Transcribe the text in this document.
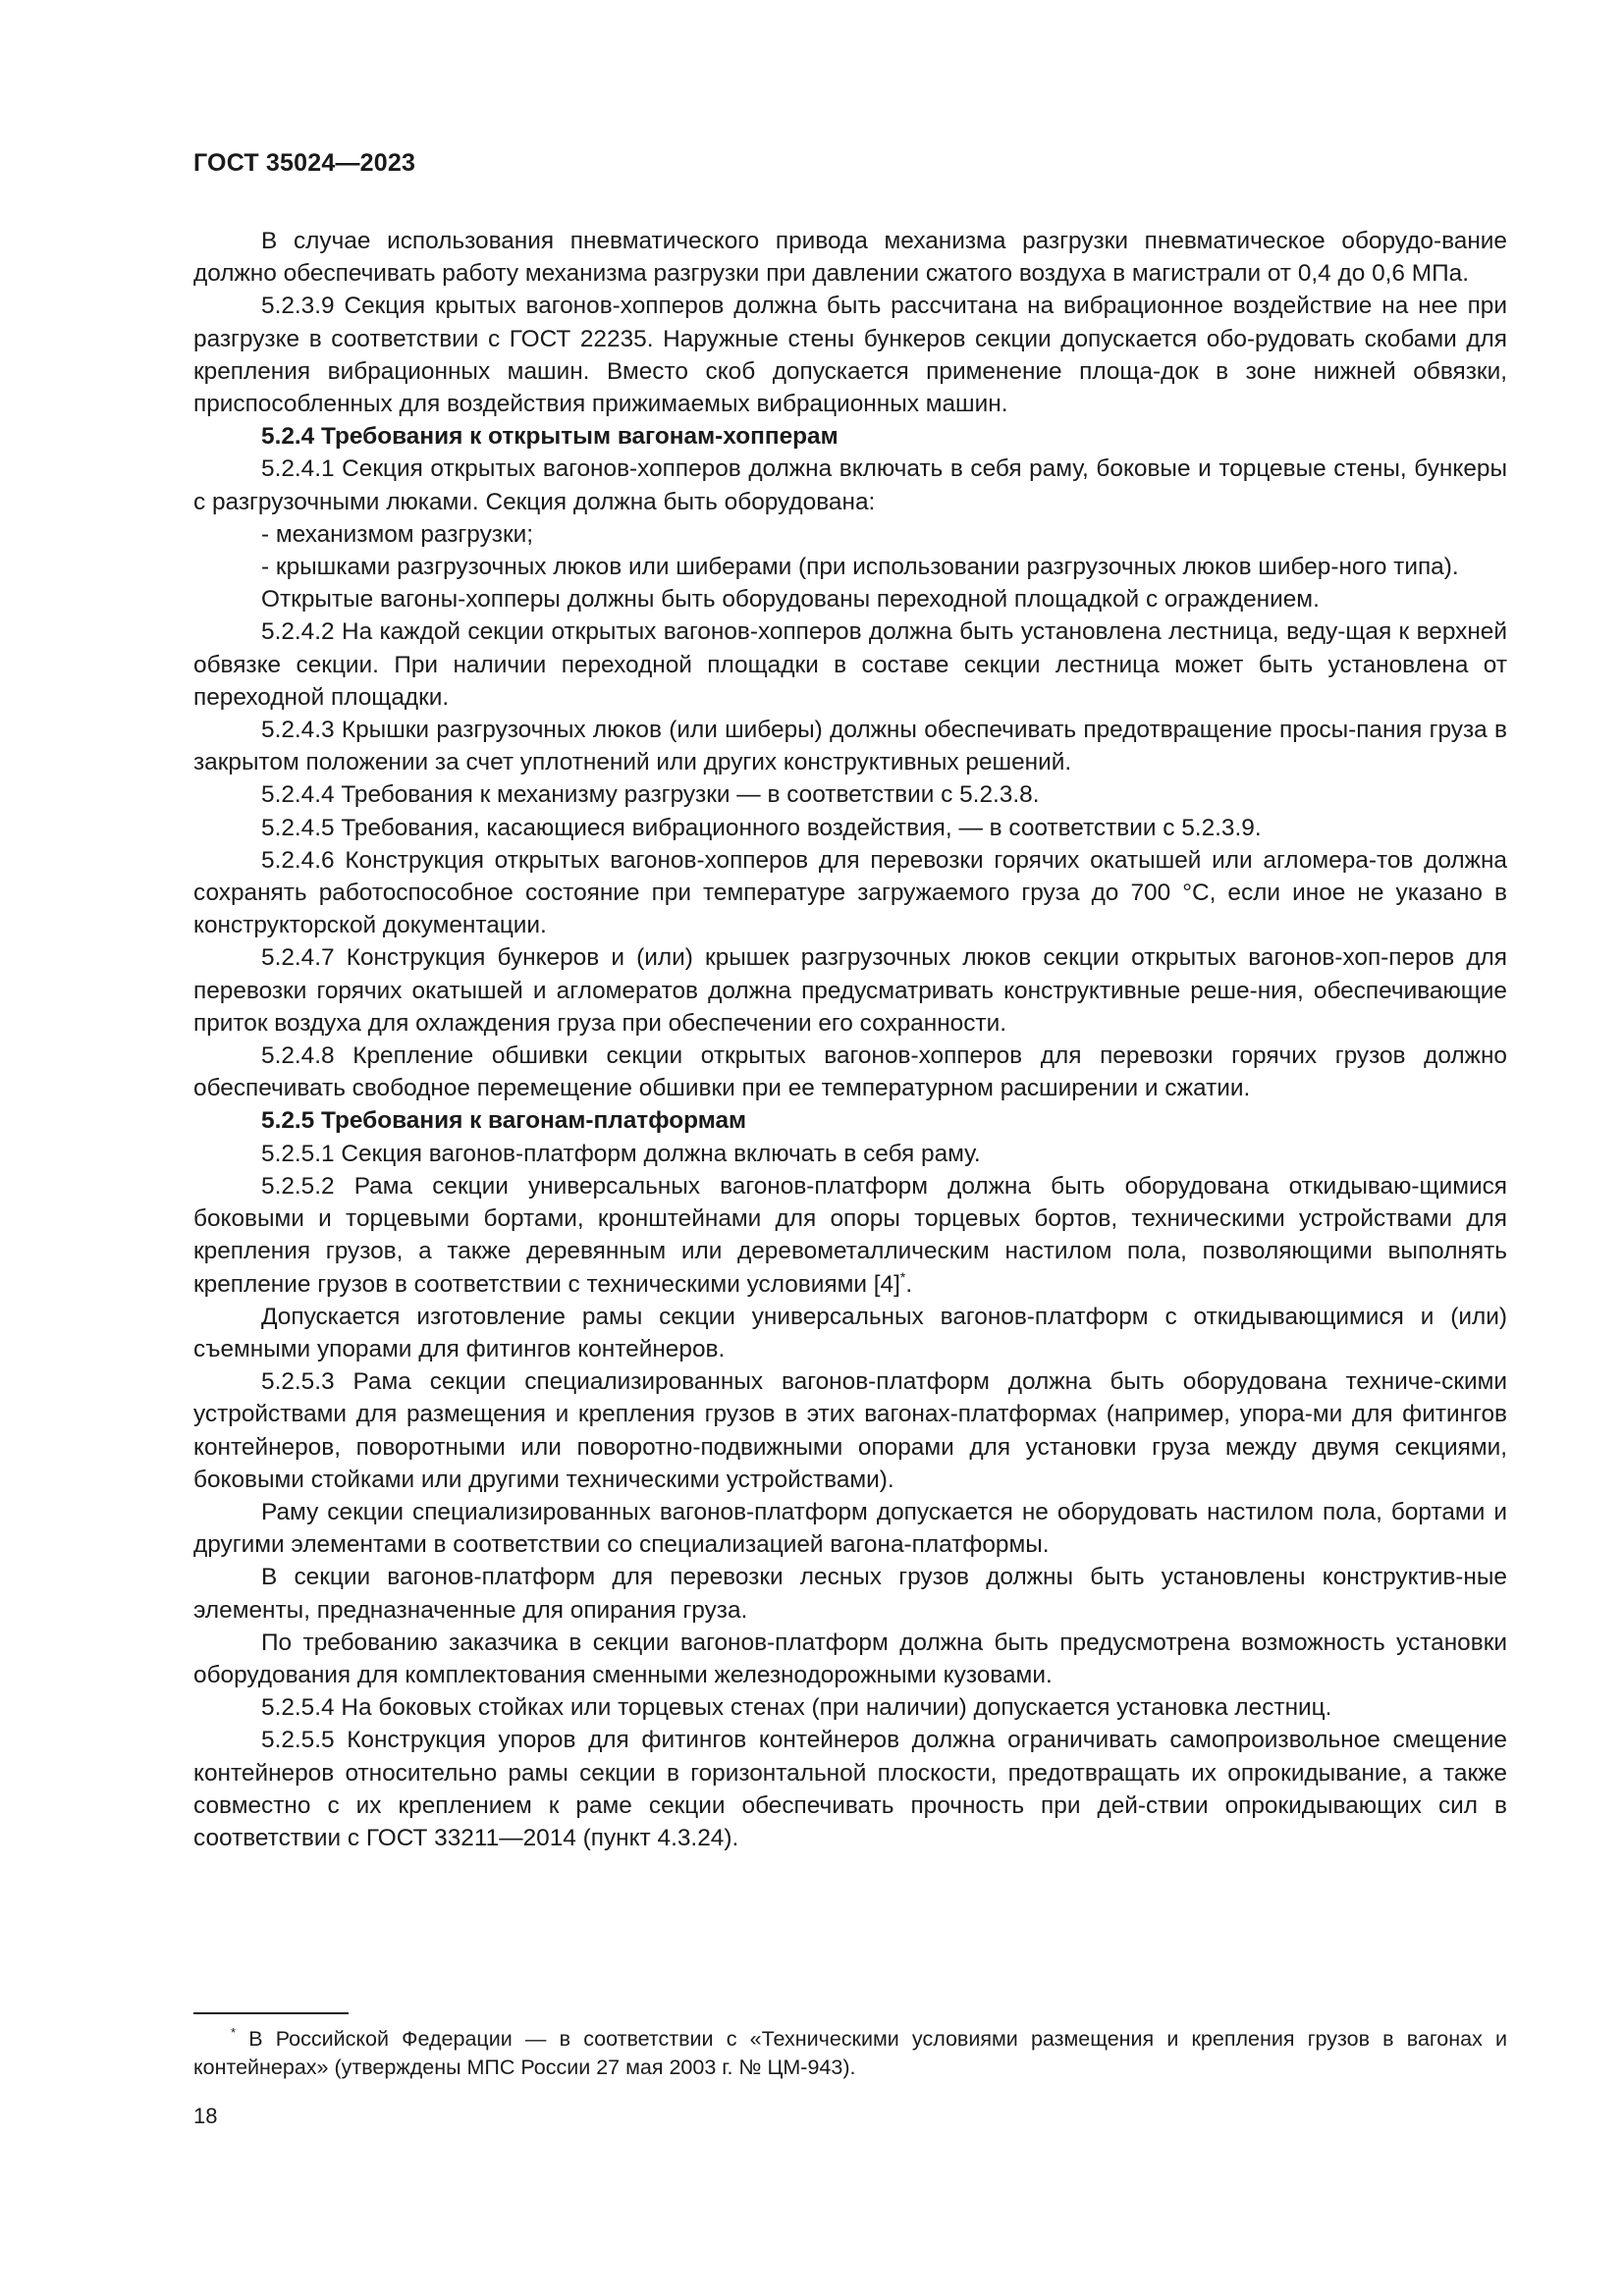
ГОСТ 35024—2023

В случае использования пневматического привода механизма разгрузки пневматическое оборудо-вание должно обеспечивать работу механизма разгрузки при давлении сжатого воздуха в магистрали от 0,4 до 0,6 МПа.

5.2.3.9 Секция крытых вагонов-хопперов должна быть рассчитана на вибрационное воздействие на нее при разгрузке в соответствии с ГОСТ 22235. Наружные стены бункеров секции допускается обо-рудовать скобами для крепления вибрационных машин. Вместо скоб допускается применение площа-док в зоне нижней обвязки, приспособленных для воздействия прижимаемых вибрационных машин.

5.2.4 Требования к открытым вагонам-хопперам

5.2.4.1 Секция открытых вагонов-хопперов должна включать в себя раму, боковые и торцевые стены, бункеры с разгрузочными люками. Секция должна быть оборудована:

- механизмом разгрузки;

- крышками разгрузочных люков или шиберами (при использовании разгрузочных люков шибер-ного типа).

Открытые вагоны-хопперы должны быть оборудованы переходной площадкой с ограждением.

5.2.4.2 На каждой секции открытых вагонов-хопперов должна быть установлена лестница, веду-щая к верхней обвязке секции. При наличии переходной площадки в составе секции лестница может быть установлена от переходной площадки.

5.2.4.3 Крышки разгрузочных люков (или шиберы) должны обеспечивать предотвращение просы-пания груза в закрытом положении за счет уплотнений или других конструктивных решений.

5.2.4.4 Требования к механизму разгрузки — в соответствии с 5.2.3.8.

5.2.4.5 Требования, касающиеся вибрационного воздействия, — в соответствии с 5.2.3.9.

5.2.4.6 Конструкция открытых вагонов-хопперов для перевозки горячих окатышей или агломера-тов должна сохранять работоспособное состояние при температуре загружаемого груза до 700 °С, если иное не указано в конструкторской документации.

5.2.4.7 Конструкция бункеров и (или) крышек разгрузочных люков секции открытых вагонов-хоп-перов для перевозки горячих окатышей и агломератов должна предусматривать конструктивные реше-ния, обеспечивающие приток воздуха для охлаждения груза при обеспечении его сохранности.

5.2.4.8 Крепление обшивки секции открытых вагонов-хопперов для перевозки горячих грузов должно обеспечивать свободное перемещение обшивки при ее температурном расширении и сжатии.

5.2.5 Требования к вагонам-платформам

5.2.5.1 Секция вагонов-платформ должна включать в себя раму.

5.2.5.2 Рама секции универсальных вагонов-платформ должна быть оборудована откидываю-щимися боковыми и торцевыми бортами, кронштейнами для опоры торцевых бортов, техническими устройствами для крепления грузов, а также деревянным или деревометаллическим настилом пола, позволяющими выполнять крепление грузов в соответствии с техническими условиями [4]*.

Допускается изготовление рамы секции универсальных вагонов-платформ с откидывающимися и (или) съемными упорами для фитингов контейнеров.

5.2.5.3 Рама секции специализированных вагонов-платформ должна быть оборудована техниче-скими устройствами для размещения и крепления грузов в этих вагонах-платформах (например, упора-ми для фитингов контейнеров, поворотными или поворотно-подвижными опорами для установки груза между двумя секциями, боковыми стойками или другими техническими устройствами).

Раму секции специализированных вагонов-платформ допускается не оборудовать настилом пола, бортами и другими элементами в соответствии со специализацией вагона-платформы.

В секции вагонов-платформ для перевозки лесных грузов должны быть установлены конструктив-ные элементы, предназначенные для опирания груза.

По требованию заказчика в секции вагонов-платформ должна быть предусмотрена возможность установки оборудования для комплектования сменными железнодорожными кузовами.

5.2.5.4 На боковых стойках или торцевых стенах (при наличии) допускается установка лестниц.

5.2.5.5 Конструкция упоров для фитингов контейнеров должна ограничивать самопроизвольное смещение контейнеров относительно рамы секции в горизонтальной плоскости, предотвращать их опрокидывание, а также совместно с их креплением к раме секции обеспечивать прочность при дей-ствии опрокидывающих сил в соответствии с ГОСТ 33211—2014 (пункт 4.3.24).

* В Российской Федерации — в соответствии с «Техническими условиями размещения и крепления грузов в вагонах и контейнерах» (утверждены МПС России 27 мая 2003 г. № ЦМ-943).

18
